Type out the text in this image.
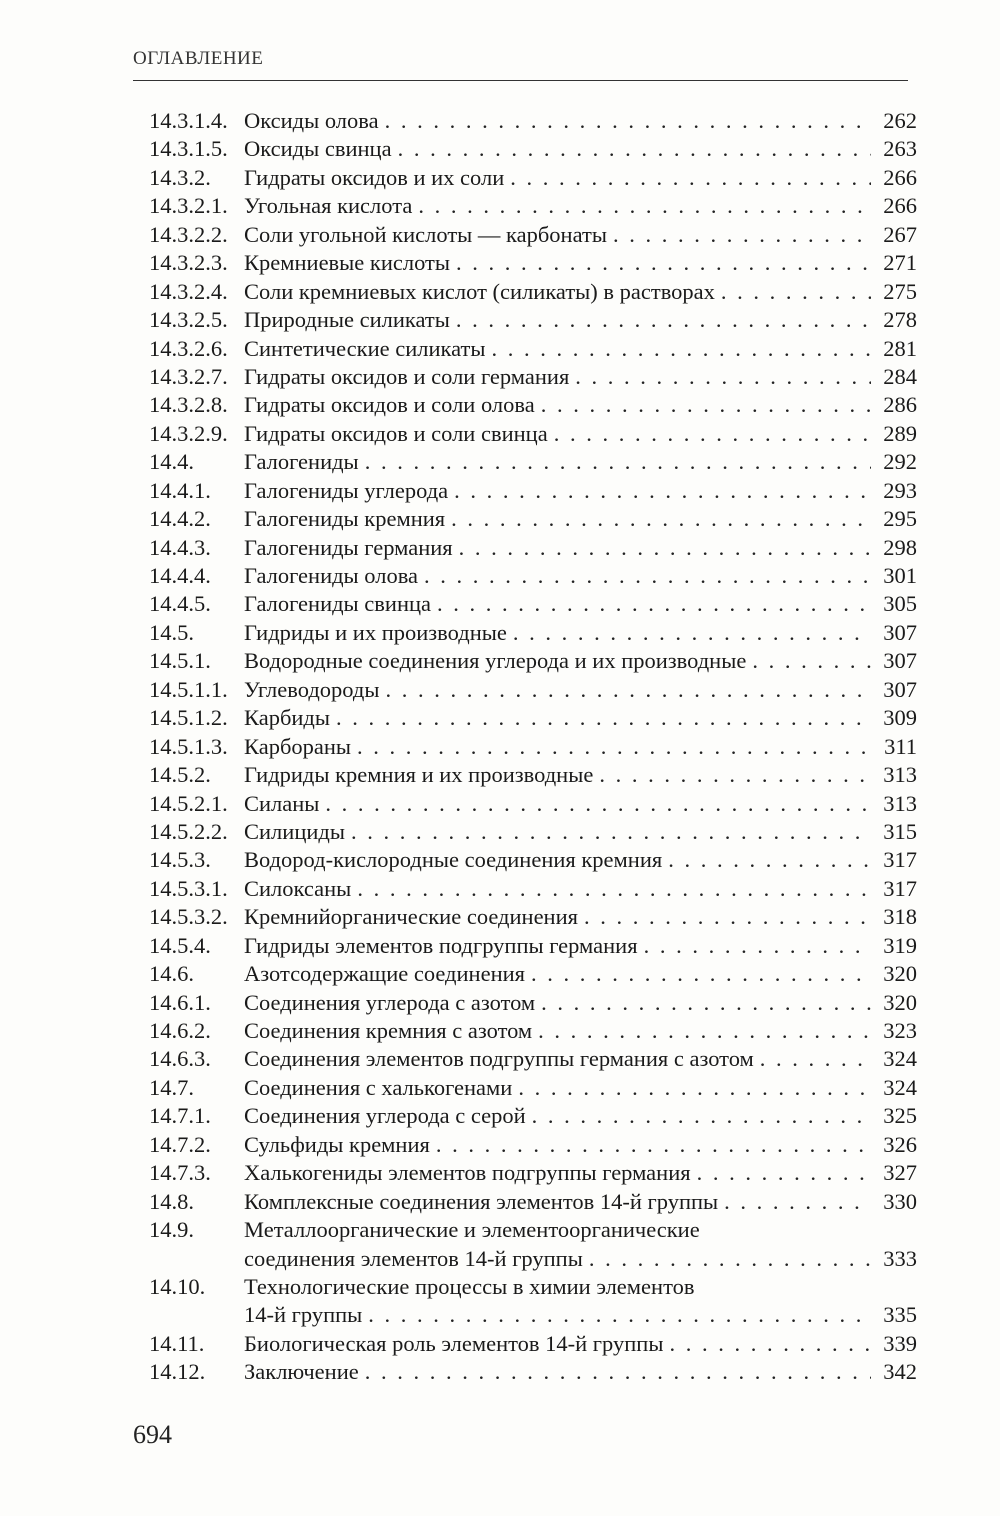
ОГЛАВЛЕНИЕ
14.3.1.4. Оксиды олова . . .	262
14.3.1.5. Оксиды свинца . . .	263
14.3.2.	Гидраты оксидов и их соли . . .	266
14.3.2.1. Угольная кислота . . .	266
14.3.2.2. Соли угольной кислоты — карбонаты . . .	267
14.3.2.3. Кремниевые кислоты . . .	271
14.3.2.4. Соли кремниевых кислот (силикаты) в растворах . . .	275
14.3.2.5. Природные силикаты . . .	278
14.3.2.6. Синтетические силикаты . . .	281
14.3.2.7. Гидраты оксидов и соли германия . . .	284
14.3.2.8. Гидраты оксидов и соли олова . . .	286
14.3.2.9. Гидраты оксидов и соли свинца . . .	289
14.4.	Галогениды . . .	292
14.4.1.	Галогениды углерода . . .	293
14.4.2.	Галогениды кремния . . .	295
14.4.3.	Галогениды германия . . .	298
14.4.4.	Галогениды олова . . .	301
14.4.5.	Галогениды свинца . . .	305
14.5.	Гидриды и их производные . . .	307
14.5.1.	Водородные соединения углерода и их производные . . .	307
14.5.1.1. Углеводороды . . .	307
14.5.1.2. Карбиды . . .	309
14.5.1.3. Карбораны . . .	311
14.5.2.	Гидриды кремния и их производные . . .	313
14.5.2.1. Силаны . . .	313
14.5.2.2. Силициды . . .	315
14.5.3.	Водород-кислородные соединения кремния . . .	317
14.5.3.1. Силоксаны . . .	317
14.5.3.2. Кремнийорганические соединения . . .	318
14.5.4.	Гидриды элементов подгруппы германия . . .	319
14.6.	Азотсодержащие соединения . . .	320
14.6.1.	Соединения углерода с азотом . . .	320
14.6.2.	Соединения кремния с азотом . . .	323
14.6.3.	Соединения элементов подгруппы германия с азотом . . .	324
14.7.	Соединения с халькогенами . . .	324
14.7.1.	Соединения углерода с серой . . .	325
14.7.2.	Сульфиды кремния . . .	326
14.7.3.	Халькогениды элементов подгруппы германия . . .	327
14.8.	Комплексные соединения элементов 14-й группы . . .	330
14.9.	Металлоорганические и элементоорганические
соединения элементов 14-й группы . . .	333
14.10.	Технологические процессы в химии элементов
14-й группы . . .	335
14.11.	Биологическая роль элементов 14-й группы . . .	339
14.12.	Заключение . . .	342
694
